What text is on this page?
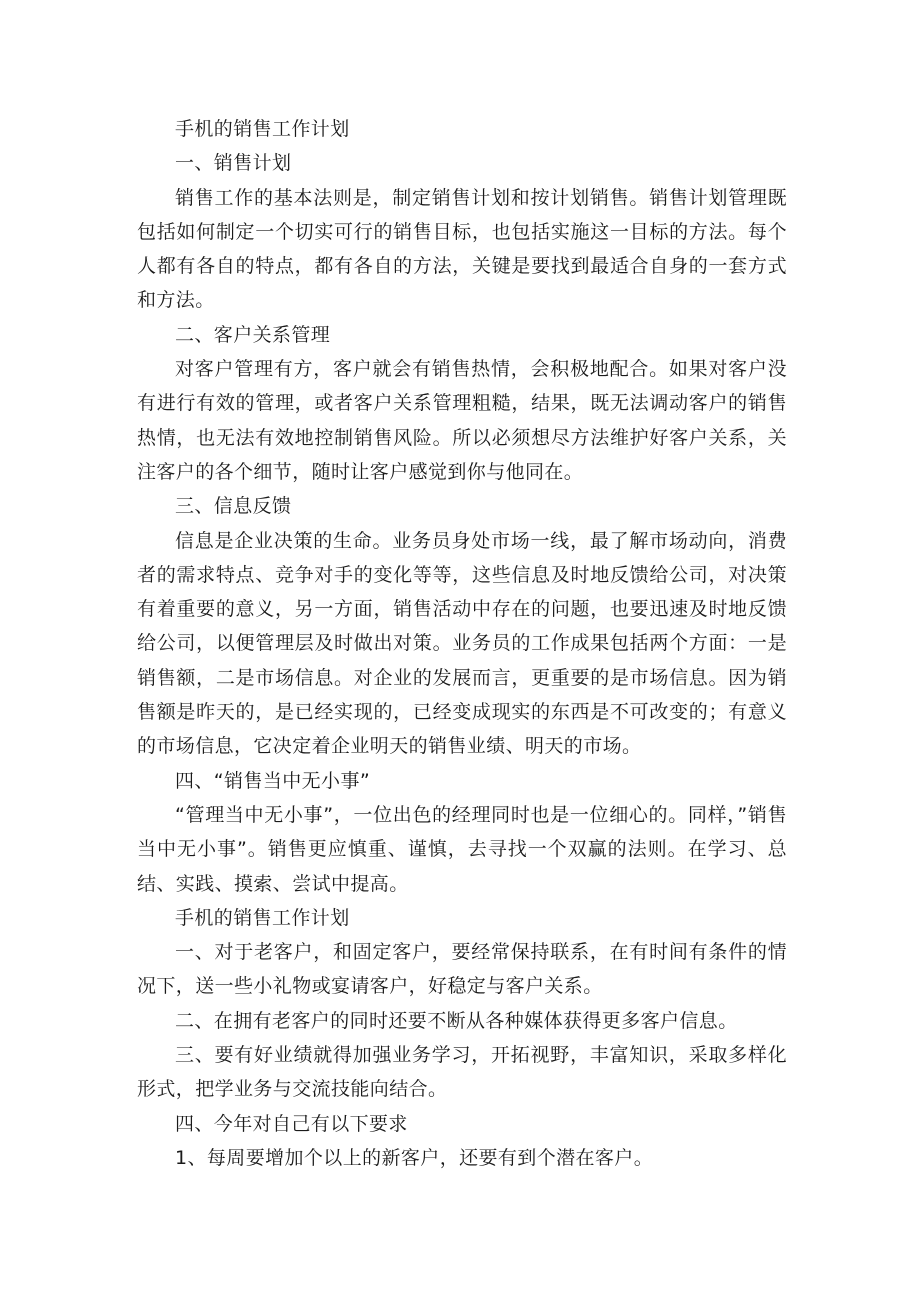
手机的销售工作计划

一、销售计划

销售工作的基本法则是，制定销售计划和按计划销售。销售计划管理既包括如何制定一个切实可行的销售目标，也包括实施这一目标的方法。每个人都有各自的特点，都有各自的方法，关键是要找到最适合自身的一套方式和方法。

二、客户关系管理

对客户管理有方，客户就会有销售热情，会积极地配合。如果对客户没有进行有效的管理，或者客户关系管理粗糙，结果，既无法调动客户的销售热情，也无法有效地控制销售风险。所以必须想尽方法维护好客户关系，关注客户的各个细节，随时让客户感觉到你与他同在。

三、信息反馈

信息是企业决策的生命。业务员身处市场一线，最了解市场动向，消费者的需求特点、竞争对手的变化等等，这些信息及时地反馈给公司，对决策有着重要的意义，另一方面，销售活动中存在的问题，也要迅速及时地反馈给公司，以便管理层及时做出对策。业务员的工作成果包括两个方面：一是销售额，二是市场信息。对企业的发展而言，更重要的是市场信息。因为销售额是昨天的，是已经实现的，已经变成现实的东西是不可改变的；有意义的市场信息，它决定着企业明天的销售业绩、明天的市场。

四、“销售当中无小事”

“管理当中无小事”，一位出色的经理同时也是一位细心的。同样，”销售当中无小事”。销售更应慎重、谨慎，去寻找一个双赢的法则。在学习、总结、实践、摸索、尝试中提高。

手机的销售工作计划

一、对于老客户，和固定客户，要经常保持联系，在有时间有条件的情况下，送一些小礼物或宴请客户，好稳定与客户关系。

二、在拥有老客户的同时还要不断从各种媒体获得更多客户信息。

三、要有好业绩就得加强业务学习，开拓视野，丰富知识，采取多样化形式，把学业务与交流技能向结合。

四、今年对自己有以下要求

1、每周要增加个以上的新客户，还要有到个潜在客户。
